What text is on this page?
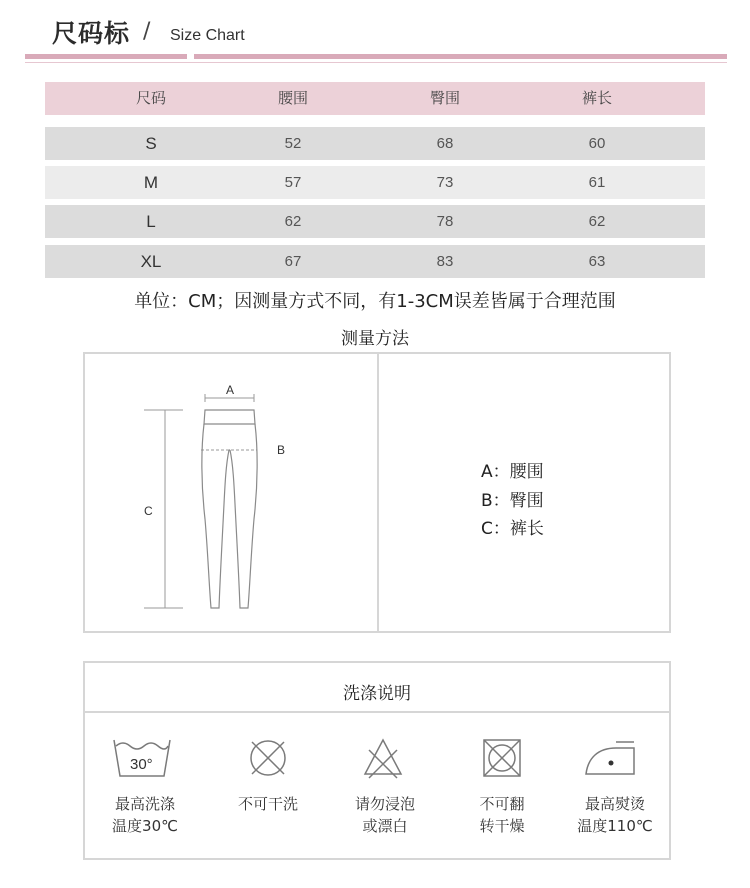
尺码标 / Size Chart
尺码	腰围	臀围	裤长
S	52	68	60
M	57	73	61
L	62	78	62
XL	67	83	63
单位：CM；因测量方式不同，有1-3CM误差皆属于合理范围
测量方法
A
B
C
A：腰围
B：臀围
C：裤长
洗涤说明
30°
最高洗涤
温度30℃
不可干洗	请勿浸泡
或漂白
不可翻
转干燥
最高熨烫
温度110℃
